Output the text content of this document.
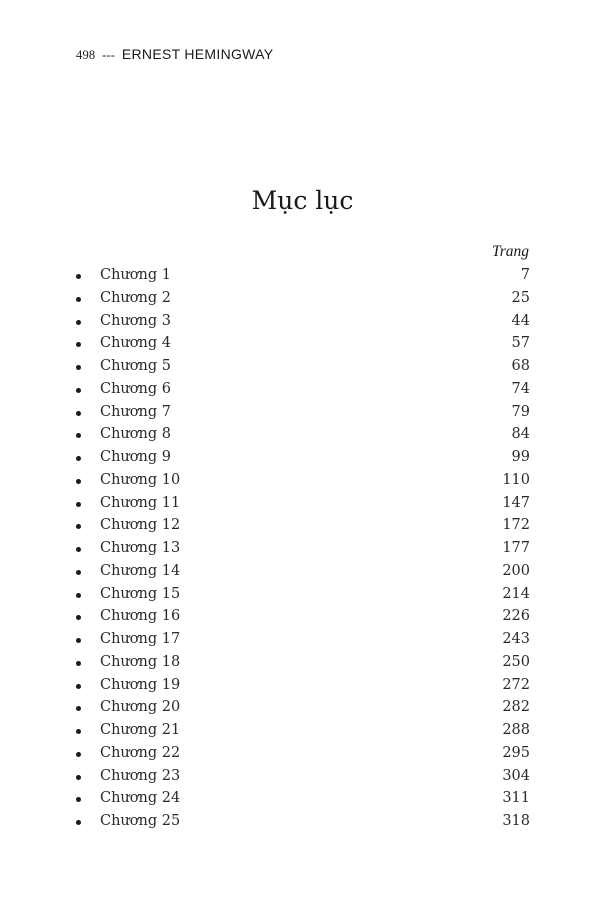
498 --- ERNEST HEMINGWAY
Mục lục
Trang
Chương 1	7
Chương 2	25
Chương 3	44
Chương 4	57
Chương 5	68
Chương 6	74
Chương 7	79
Chương 8	84
Chương 9	99
Chương 10	110
Chương 11	147
Chương 12	172
Chương 13	177
Chương 14	200
Chương 15	214
Chương 16	226
Chương 17	243
Chương 18	250
Chương 19	272
Chương 20	282
Chương 21	288
Chương 22	295
Chương 23	304
Chương 24	311
Chương 25	318
